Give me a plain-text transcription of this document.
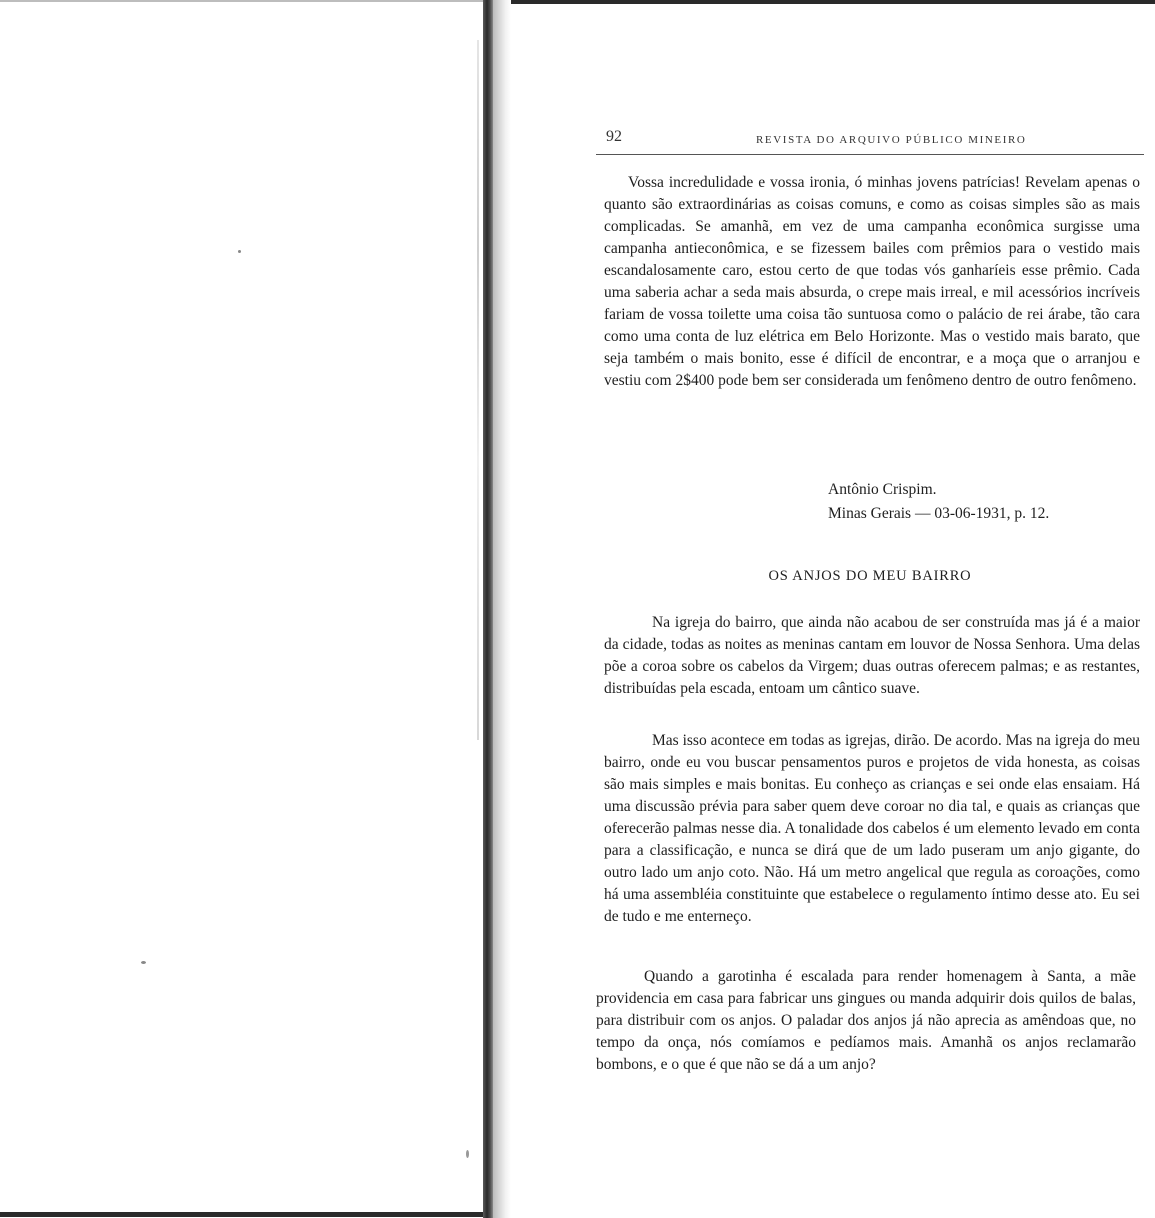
92	REVISTA DO ARQUIVO PÚBLICO MINEIRO
Vossa incredulidade e vossa ironia, ó minhas jovens patrícias! Revelam apenas o quanto são extraordinárias as coisas comuns, e como as coisas simples são as mais complicadas. Se amanhã, em vez de uma campanha econômica surgisse uma campanha antieconômica, e se fizessem bailes com prêmios para o vestido mais escandalosamente caro, estou certo de que todas vós ganharíeis esse prêmio. Cada uma saberia achar a seda mais absurda, o crepe mais irreal, e mil acessórios incríveis fariam de vossa toilette uma coisa tão suntuosa como o palácio de rei árabe, tão cara como uma conta de luz elétrica em Belo Horizonte. Mas o vestido mais barato, que seja também o mais bonito, esse é difícil de encontrar, e a moça que o arranjou e vestiu com 2$400 pode bem ser considerada um fenômeno dentro de outro fenômeno.
Antônio Crispim.
Minas Gerais — 03-06-1931, p. 12.
OS ANJOS DO MEU BAIRRO

Na igreja do bairro, que ainda não acabou de ser construída mas já é a maior da cidade, todas as noites as meninas cantam em louvor de Nossa Senhora. Uma delas põe a coroa sobre os cabelos da Virgem; duas outras oferecem palmas; e as restantes, distribuídas pela escada, entoam um cântico suave.

Mas isso acontece em todas as igrejas, dirão. De acordo. Mas na igreja do meu bairro, onde eu vou buscar pensamentos puros e projetos de vida honesta, as coisas são mais simples e mais bonitas. Eu conheço as crianças e sei onde elas ensaiam. Há uma discussão prévia para saber quem deve coroar no dia tal, e quais as crianças que oferecerão palmas nesse dia. A tonalidade dos cabelos é um elemento levado em conta para a classificação, e nunca se dirá que de um lado puseram um anjo gigante, do outro lado um anjo coto. Não. Há um metro angelical que regula as coroações, como há uma assembléia constituinte que estabelece o regulamento íntimo desse ato. Eu sei de tudo e me enterneço.

Quando a garotinha é escalada para render homenagem à Santa, a mãe providencia em casa para fabricar uns gingues ou manda adquirir dois quilos de balas, para distribuir com os anjos. O paladar dos anjos já não aprecia as amêndoas que, no tempo da onça, nós comíamos e pedíamos mais. Amanhã os anjos reclamarão bombons, e o que é que não se dá a um anjo?
